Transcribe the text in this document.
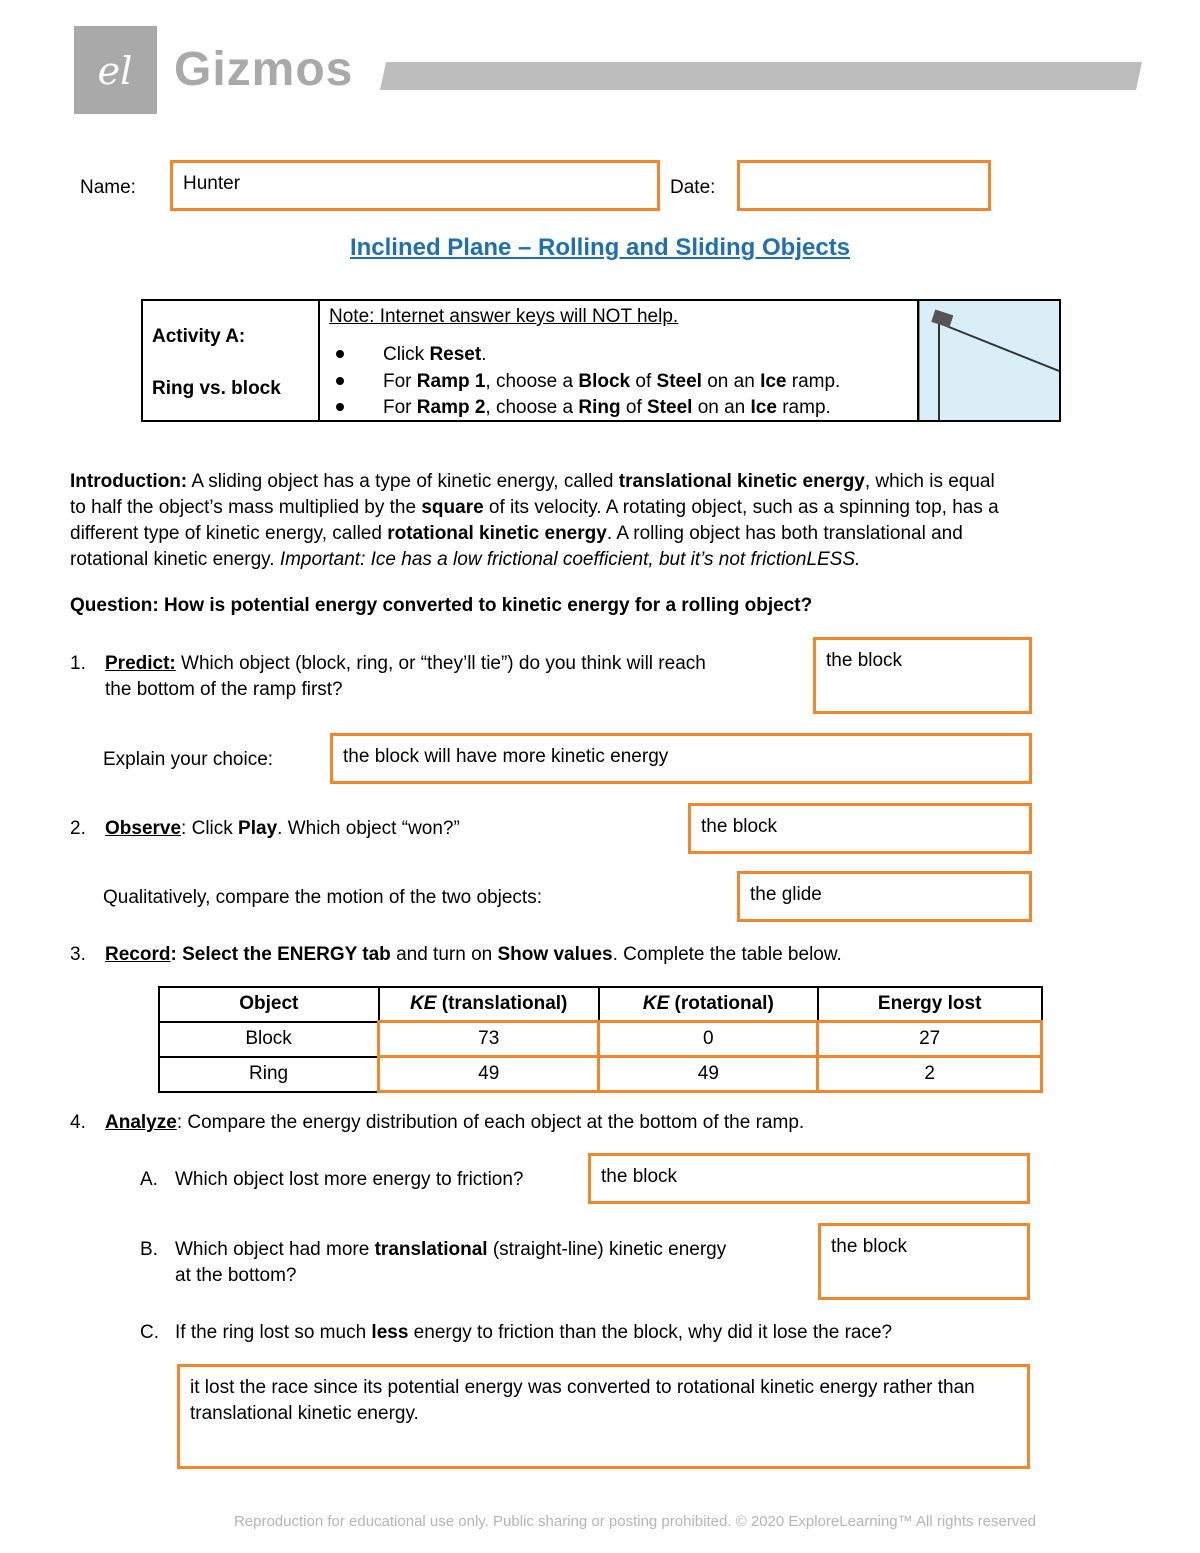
el Gizmos
Name:	Hunter	Date:
Inclined Plane – Rolling and Sliding Objects
Activity A:
Ring vs. block
Note: Internet answer keys will NOT help.
Click Reset.
For Ramp 1, choose a Block of Steel on an Ice ramp.
For Ramp 2, choose a Ring of Steel on an Ice ramp.
Introduction: A sliding object has a type of kinetic energy, called translational kinetic energy, which is equal
to half the object’s mass multiplied by the square of its velocity. A rotating object, such as a spinning top, has a
different type of kinetic energy, called rotational kinetic energy. A rolling object has both translational and
rotational kinetic energy. Important: Ice has a low frictional coefficient, but it’s not frictionLESS.
Question: How is potential energy converted to kinetic energy for a rolling object?
1. Predict: Which object (block, ring, or “they’ll tie”) do you think will reach
the bottom of the ramp first?
the block
Explain your choice:	the block will have more kinetic energy
2. Observe: Click Play. Which object “won?”	the block
Qualitatively, compare the motion of the two objects:	the glide
3. Record: Select the ENERGY tab and turn on Show values. Complete the table below.
Object	KE (translational)	KE (rotational)	Energy lost
Block	73	0	27
Ring	49	49	2
4. Analyze: Compare the energy distribution of each object at the bottom of the ramp.
A. Which object lost more energy to friction?	the block
B. Which object had more translational (straight-line) kinetic energy
at the bottom?
the block
C. If the ring lost so much less energy to friction than the block, why did it lose the race?
it lost the race since its potential energy was converted to rotational kinetic energy rather than translational kinetic energy.
Reproduction for educational use only. Public sharing or posting prohibited. © 2020 ExploreLearning™ All rights reserved
